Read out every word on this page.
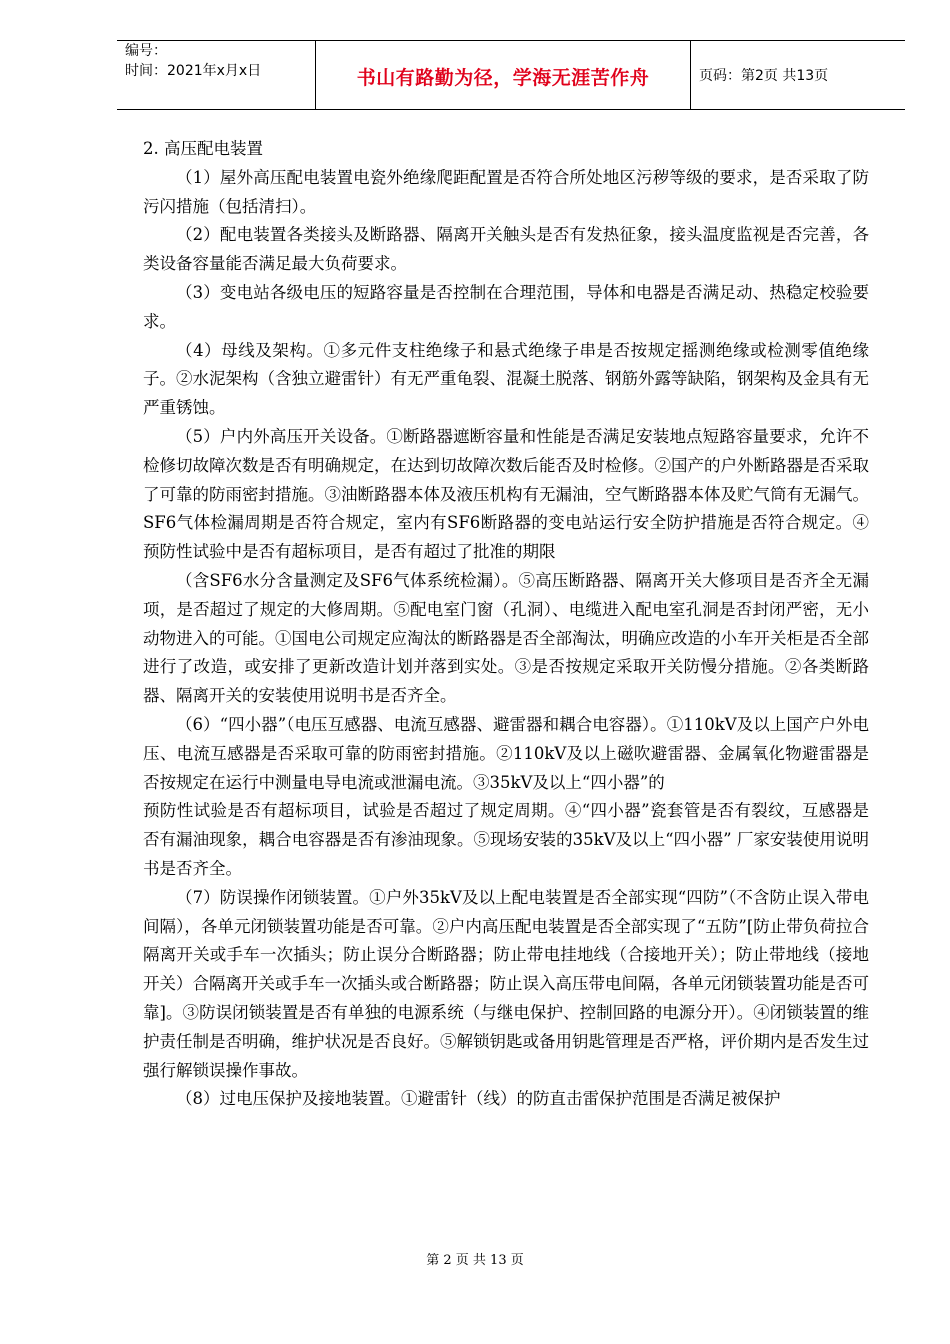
编号：
时间：2021年x月x日	书山有路勤为径，学海无涯苦作舟	页码：第2页 共13页

2. 高压配电装置

（1）屋外高压配电装置电瓷外绝缘爬距配置是否符合所处地区污秽等级的要求，是否采取了防污闪措施（包括清扫）。

（2）配电装置各类接头及断路器、隔离开关触头是否有发热征象，接头温度监视是否完善，各类设备容量能否满足最大负荷要求。

（3）变电站各级电压的短路容量是否控制在合理范围，导体和电器是否满足动、热稳定校验要求。

（4）母线及架构。①多元件支柱绝缘子和悬式绝缘子串是否按规定摇测绝缘或检测零值绝缘子。②水泥架构（含独立避雷针）有无严重龟裂、混凝土脱落、钢筋外露等缺陷，钢架构及金具有无严重锈蚀。

（5）户内外高压开关设备。①断路器遮断容量和性能是否满足安装地点短路容量要求，允许不检修切故障次数是否有明确规定，在达到切故障次数后能否及时检修。②国产的户外断路器是否采取了可靠的防雨密封措施。③油断路器本体及液压机构有无漏油，空气断路器本体及贮气筒有无漏气。SF6气体检漏周期是否符合规定，室内有SF6断路器的变电站运行安全防护措施是否符合规定。④预防性试验中是否有超标项目，是否有超过了批准的期限

（含SF6水分含量测定及SF6气体系统检漏）。⑤高压断路器、隔离开关大修项目是否齐全无漏项，是否超过了规定的大修周期。⑤配电室门窗（孔洞）、电缆进入配电室孔洞是否封闭严密，无小动物进入的可能。①国电公司规定应淘汰的断路器是否全部淘汰，明确应改造的小车开关柜是否全部进行了改造，或安排了更新改造计划并落到实处。③是否按规定采取开关防慢分措施。②各类断路器、隔离开关的安装使用说明书是否齐全。

（6）“四小器”（电压互感器、电流互感器、避雷器和耦合电容器）。①110kV及以上国产户外电压、电流互感器是否采取可靠的防雨密封措施。②110kV及以上磁吹避雷器、金属氧化物避雷器是否按规定在运行中测量电导电流或泄漏电流。③35kV及以上“四小器”的

预防性试验是否有超标项目，试验是否超过了规定周期。④“四小器”瓷套管是否有裂纹，互感器是否有漏油现象，耦合电容器是否有渗油现象。⑤现场安装的35kV及以上“四小器” 厂家安装使用说明书是否齐全。

（7）防误操作闭锁装置。①户外35kV及以上配电装置是否全部实现“四防”（不含防止误入带电间隔），各单元闭锁装置功能是否可靠。②户内高压配电装置是否全部实现了“五防”[防止带负荷拉合隔离开关或手车一次插头；防止误分合断路器；防止带电挂地线（合接地开关）；防止带地线（接地开关）合隔离开关或手车一次插头或合断路器；防止误入高压带电间隔，各单元闭锁装置功能是否可靠]。③防误闭锁装置是否有单独的电源系统（与继电保护、控制回路的电源分开）。④闭锁装置的维护责任制是否明确，维护状况是否良好。⑤解锁钥匙或备用钥匙管理是否严格，评价期内是否发生过强行解锁误操作事故。

（8）过电压保护及接地装置。①避雷针（线）的防直击雷保护范围是否满足被保护

第 2 页 共 13 页
